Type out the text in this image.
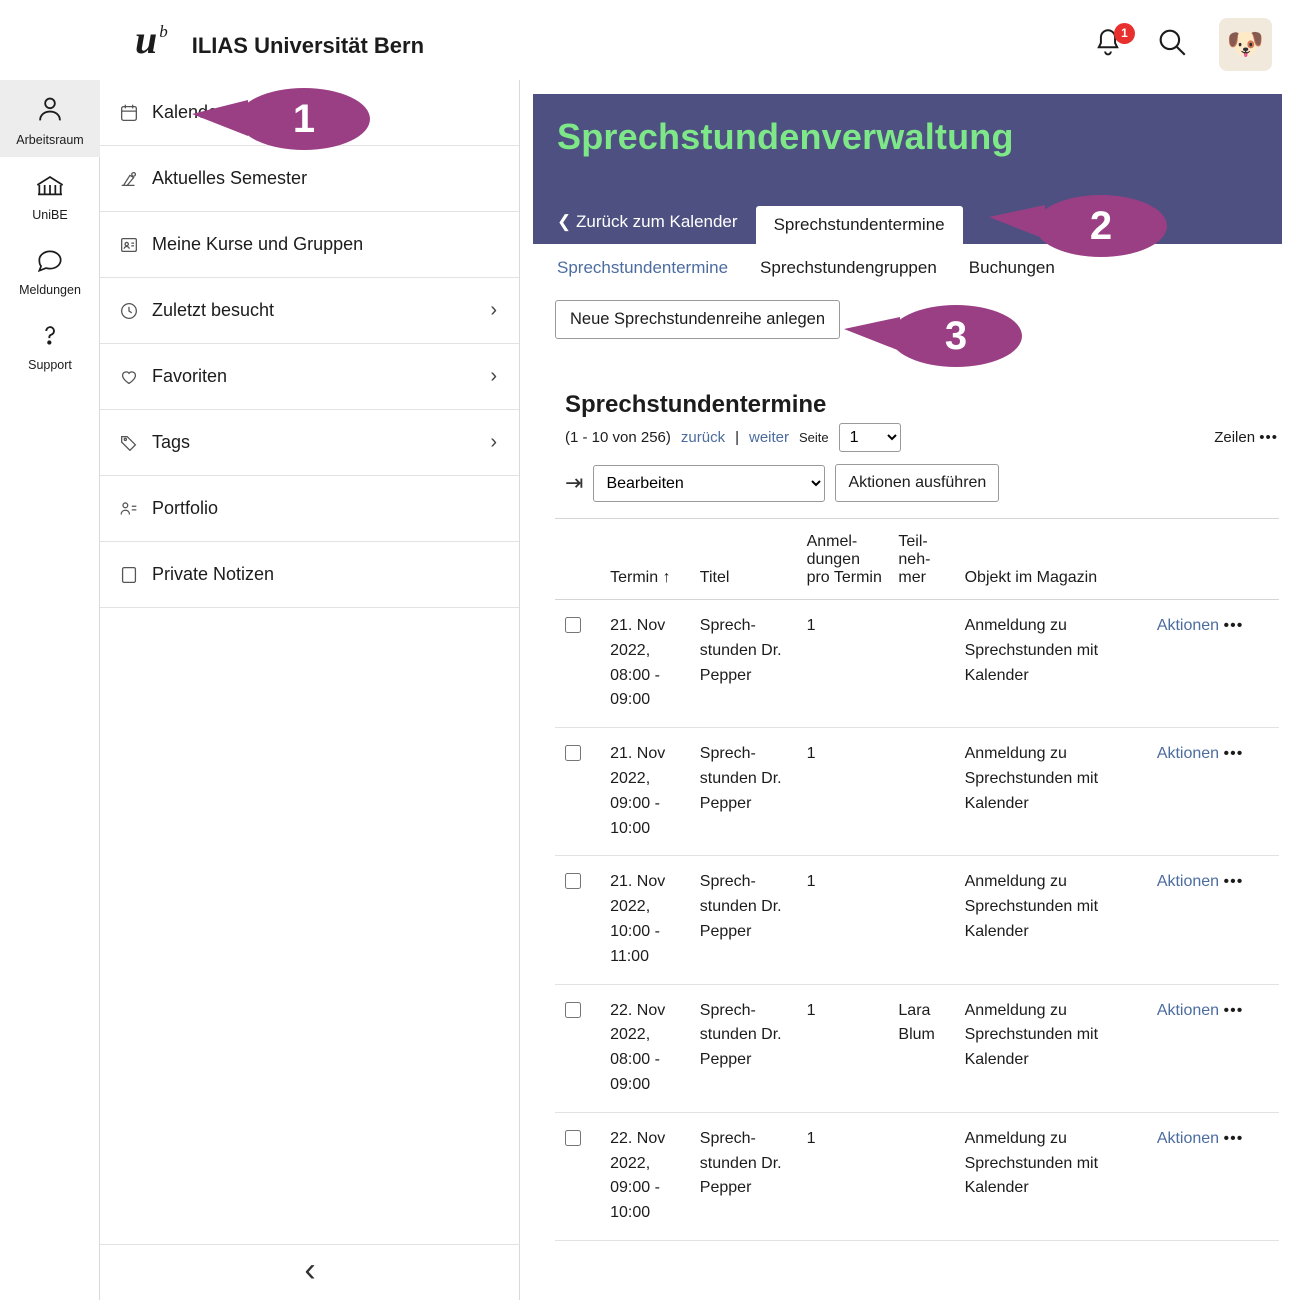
u b
ILIAS Universität Bern	1	🐶
Arbeitsraum
UniBE
Meldungen
Support
Kalender
Aktuelles Semester
Meine Kurse und Gruppen
Zuletzt besucht	›
Favoriten	›
Tags	›
Portfolio
Private Notizen
‹
Sprechstundenverwaltung
❮ Zurück zum Kalender	Sprechstundentermine
Sprechstundentermine Sprechstundengruppen Buchungen
Neue Sprechstundenreihe anlegen
Sprechstundentermine
(1 - 10 von 256) zurück | weiter Seite
1	Zeilen •••
⇥
Bearbeiten	Aktionen ausführen
	Termin ↑	Titel	Anmel-dungen pro Termin	Teil-neh-mer	Objekt im Magazin	
	21. Nov 2022, 08:00 - 09:00	Sprech-stunden Dr. Pepper	1		Anmeldung zu Sprechstunden mit Kalender	Aktionen •••
	21. Nov 2022, 09:00 - 10:00	Sprech-stunden Dr. Pepper	1		Anmeldung zu Sprechstunden mit Kalender	Aktionen •••
	21. Nov 2022, 10:00 - 11:00	Sprech-stunden Dr. Pepper	1		Anmeldung zu Sprechstunden mit Kalender	Aktionen •••
	22. Nov 2022, 08:00 - 09:00	Sprech-stunden Dr. Pepper	1	Lara Blum	Anmeldung zu Sprechstunden mit Kalender	Aktionen •••
	22. Nov 2022, 09:00 - 10:00	Sprech-stunden Dr. Pepper	1		Anmeldung zu Sprechstunden mit Kalender	Aktionen •••
1
2
3
